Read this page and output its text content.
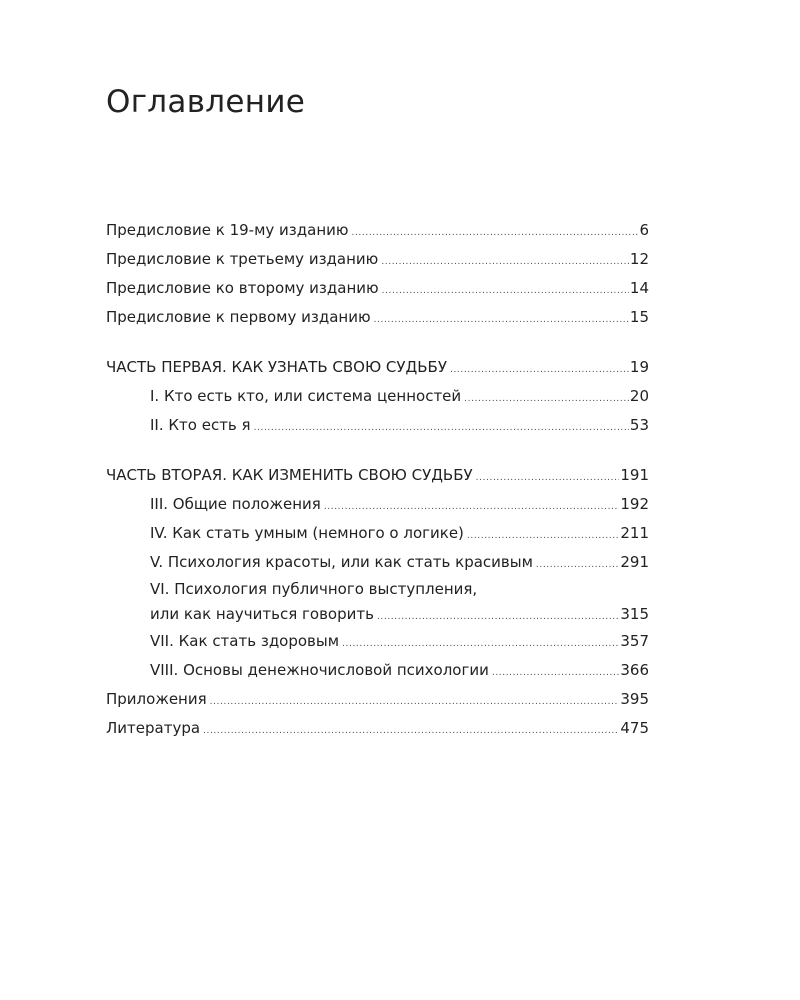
Оглавление
Предисловие к 19-му изданию .....	6
Предисловие к третьему изданию .....	12
Предисловие ко второму изданию .....	14
Предисловие к первому изданию .....	15
ЧАСТЬ ПЕРВАЯ. КАК УЗНАТЬ СВОЮ СУДЬБУ .....	19
I. Кто есть кто, или система ценностей .....	20
II. Кто есть я .....	53
ЧАСТЬ ВТОРАЯ. КАК ИЗМЕНИТЬ СВОЮ СУДЬБУ .....	191
III. Общие положения .....	192
IV. Как стать умным (немного о логике) .....	211
V. Психология красоты, или как стать красивым .....	291
VI. Психология публичного выступления,
или как научиться говорить .....	315
VII. Как стать здоровым .....	357
VIII. Основы денежночисловой психологии .....	366
Приложения .....	395
Литература .....	475
